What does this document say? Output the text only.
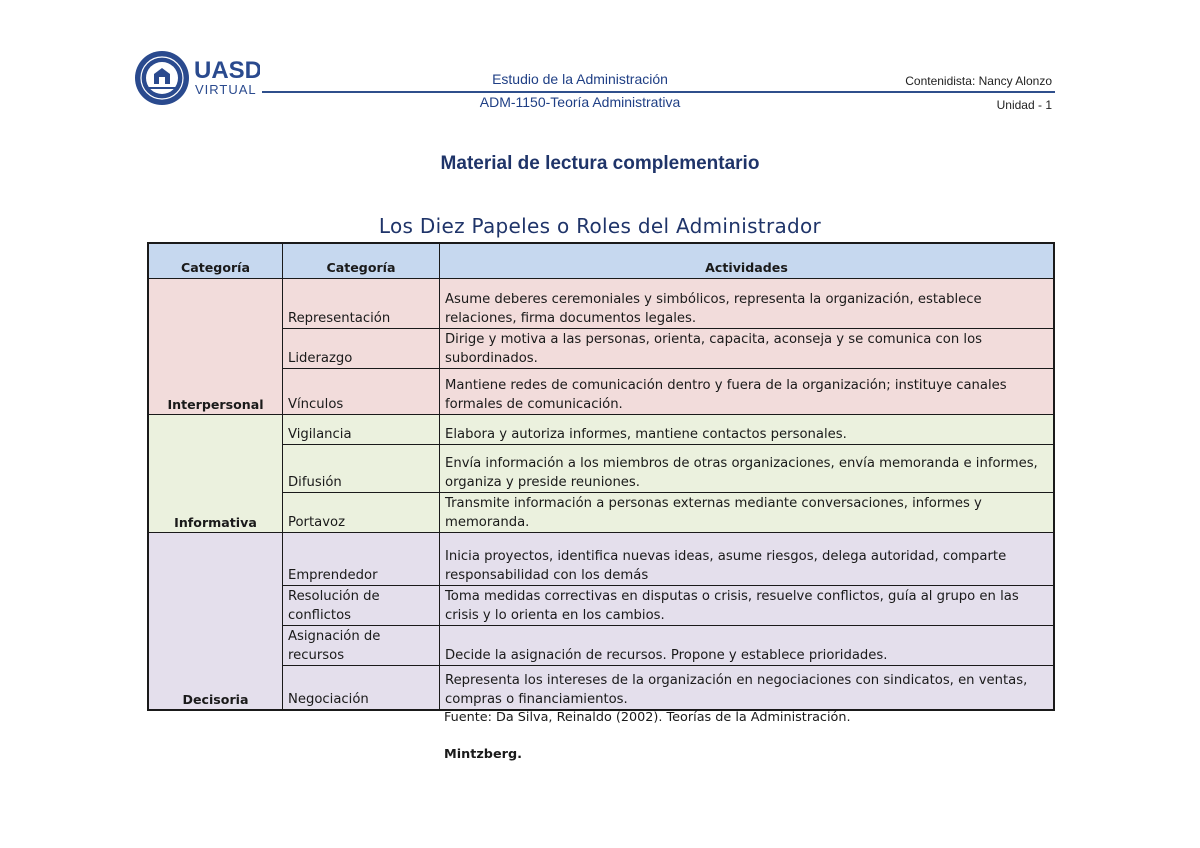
UASD
VIRTUAL
Estudio de la Administración
ADM-1150-Teoría Administrativa
Contenidista: Nancy Alonzo
Unidad - 1
Material de lectura complementario
Los Diez Papeles o Roles del Administrador
Categoría	Categoría	Actividades
Interpersonal	Representación	Asume deberes ceremoniales y simbólicos, representa la organización, establece relaciones, firma documentos legales.
	Liderazgo	Dirige y motiva a las personas, orienta, capacita, aconseja y se comunica con los subordinados.
	Vínculos	Mantiene redes de comunicación dentro y fuera de la organización; instituye canales formales de comunicación.
Informativa	Vigilancia	Elabora y autoriza informes, mantiene contactos personales.
	Difusión	Envía información a los miembros de otras organizaciones, envía memoranda e informes, organiza y preside reuniones.
	Portavoz	Transmite información a personas externas mediante conversaciones, informes y memoranda.
Decisoria	Emprendedor	Inicia proyectos, identifica nuevas ideas, asume riesgos, delega autoridad, comparte responsabilidad con los demás
	Resolución de conflictos	Toma medidas correctivas en disputas o crisis, resuelve conflictos, guía al grupo en las crisis y lo orienta en los cambios.
	Asignación de recursos	Decide la asignación de recursos. Propone y establece prioridades.
	Negociación	Representa los intereses de la organización en negociaciones con sindicatos, en ventas, compras o financiamientos.
Fuente: Da Silva, Reinaldo (2002). Teorías de la Administración.
Mintzberg.
